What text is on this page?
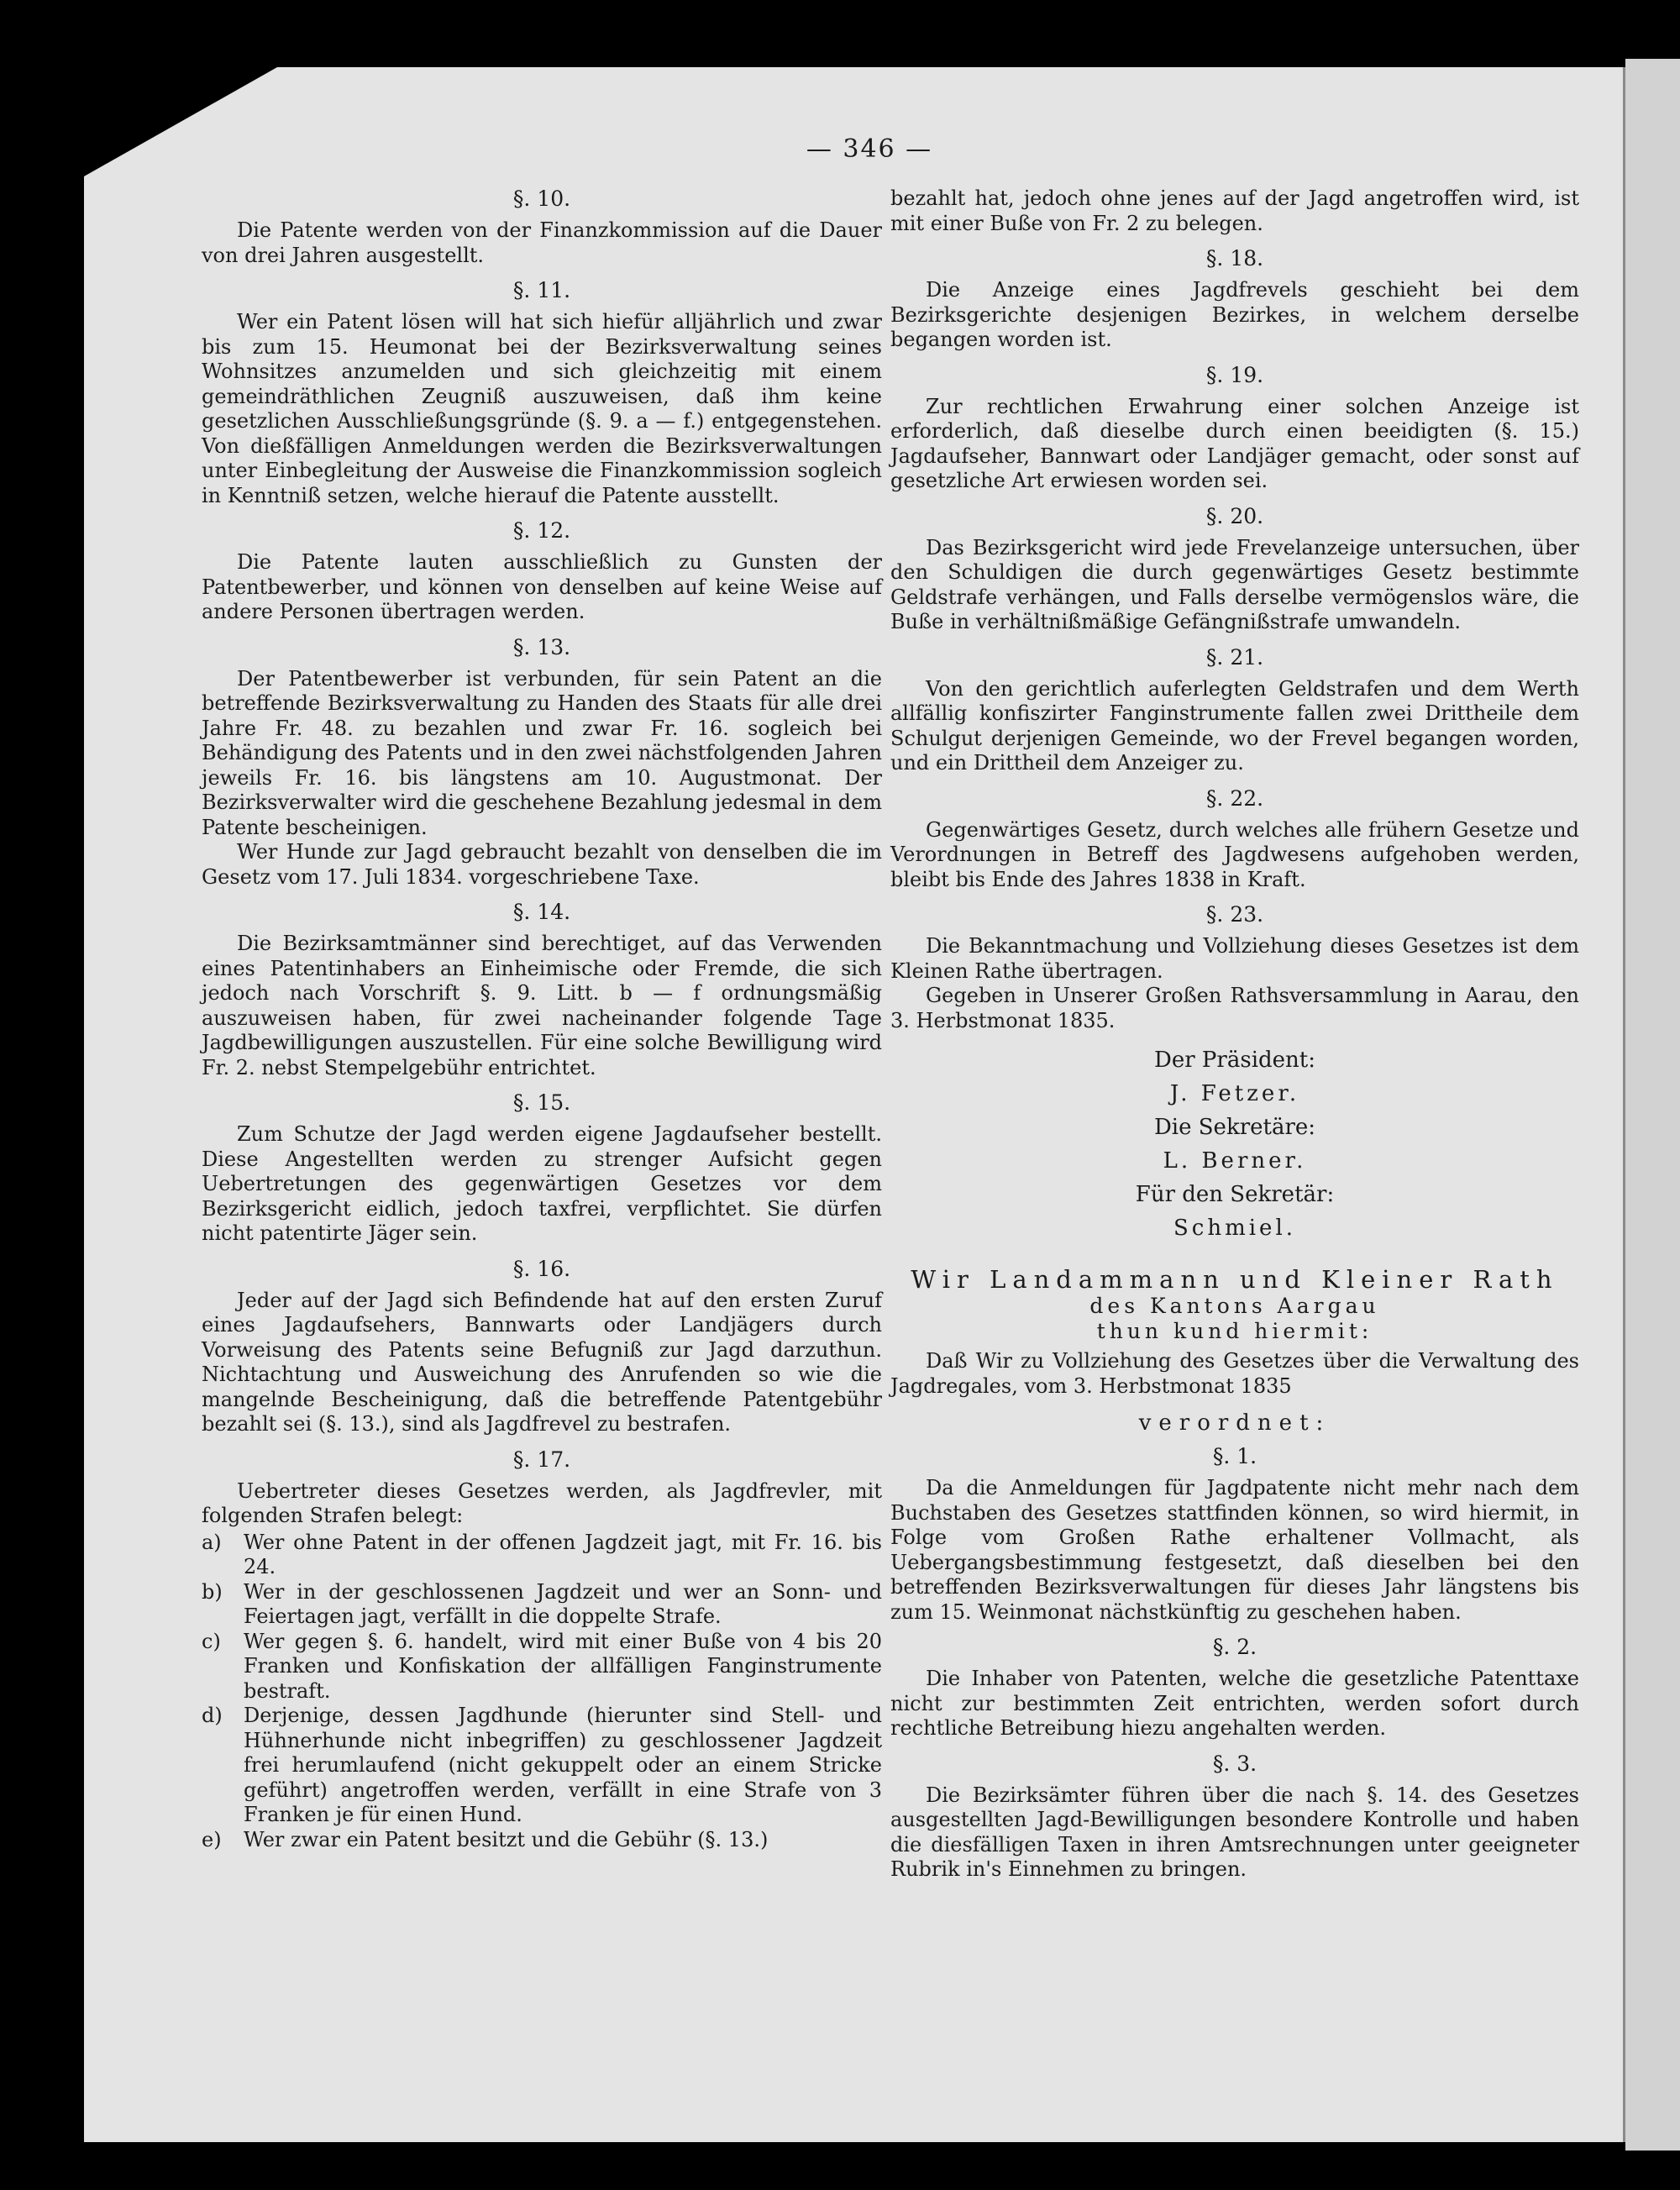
— 346 —
§. 10.

Die Patente werden von der Finanzkommission auf die Dauer von drei Jahren ausgestellt.

§. 11.

Wer ein Patent lösen will hat sich hiefür alljährlich und zwar bis zum 15. Heumonat bei der Bezirksverwaltung seines Wohnsitzes anzumelden und sich gleichzeitig mit einem gemeindräthlichen Zeugniß auszuweisen, daß ihm keine gesetzlichen Ausschließungsgründe (§. 9. a — f.) entgegenstehen. Von dießfälligen Anmeldungen werden die Bezirksverwaltungen unter Einbegleitung der Ausweise die Finanzkommission sogleich in Kenntniß setzen, welche hierauf die Patente ausstellt.

§. 12.

Die Patente lauten ausschließlich zu Gunsten der Patentbewerber, und können von denselben auf keine Weise auf andere Personen übertragen werden.

§. 13.

Der Patentbewerber ist verbunden, für sein Patent an die betreffende Bezirksverwaltung zu Handen des Staats für alle drei Jahre Fr. 48. zu bezahlen und zwar Fr. 16. sogleich bei Behändigung des Patents und in den zwei nächstfolgenden Jahren jeweils Fr. 16. bis längstens am 10. Augustmonat. Der Bezirksverwalter wird die geschehene Bezahlung jedesmal in dem Patente bescheinigen.

Wer Hunde zur Jagd gebraucht bezahlt von denselben die im Gesetz vom 17. Juli 1834. vorgeschriebene Taxe.

§. 14.

Die Bezirksamtmänner sind berechtiget, auf das Verwenden eines Patentinhabers an Einheimische oder Fremde, die sich jedoch nach Vorschrift §. 9. Litt. b — f ordnungsmäßig auszuweisen haben, für zwei nacheinander folgende Tage Jagdbewilligungen auszustellen. Für eine solche Bewilligung wird Fr. 2. nebst Stempelgebühr entrichtet.

§. 15.

Zum Schutze der Jagd werden eigene Jagdaufseher bestellt. Diese Angestellten werden zu strenger Aufsicht gegen Uebertretungen des gegenwärtigen Gesetzes vor dem Bezirksgericht eidlich, jedoch taxfrei, verpflichtet. Sie dürfen nicht patentirte Jäger sein.

§. 16.

Jeder auf der Jagd sich Befindende hat auf den ersten Zuruf eines Jagdaufsehers, Bannwarts oder Landjägers durch Vorweisung des Patents seine Befugniß zur Jagd darzuthun. Nichtachtung und Ausweichung des Anrufenden so wie die mangelnde Bescheinigung, daß die betreffende Patentgebühr bezahlt sei (§. 13.), sind als Jagdfrevel zu bestrafen.

§. 17.

Uebertreter dieses Gesetzes werden, als Jagdfrevler, mit folgenden Strafen belegt:

a)	Wer ohne Patent in der offenen Jagdzeit jagt, mit Fr. 16. bis 24.
b)	Wer in der geschlossenen Jagdzeit und wer an Sonn- und Feiertagen jagt, verfällt in die doppelte Strafe.
c)	Wer gegen §. 6. handelt, wird mit einer Buße von 4 bis 20 Franken und Konfiskation der allfälligen Fanginstrumente bestraft.
d)	Derjenige, dessen Jagdhunde (hierunter sind Stell- und Hühnerhunde nicht inbegriffen) zu geschlossener Jagdzeit frei herumlaufend (nicht gekuppelt oder an einem Stricke geführt) angetroffen werden, verfällt in eine Strafe von 3 Franken je für einen Hund.
e)	Wer zwar ein Patent besitzt und die Gebühr (§. 13.)

bezahlt hat, jedoch ohne jenes auf der Jagd angetroffen wird, ist mit einer Buße von Fr. 2 zu belegen.

§. 18.

Die Anzeige eines Jagdfrevels geschieht bei dem Bezirksgerichte desjenigen Bezirkes, in welchem derselbe begangen worden ist.

§. 19.

Zur rechtlichen Erwahrung einer solchen Anzeige ist erforderlich, daß dieselbe durch einen beeidigten (§. 15.) Jagdaufseher, Bannwart oder Landjäger gemacht, oder sonst auf gesetzliche Art erwiesen worden sei.

§. 20.

Das Bezirksgericht wird jede Frevelanzeige untersuchen, über den Schuldigen die durch gegenwärtiges Gesetz bestimmte Geldstrafe verhängen, und Falls derselbe vermögenslos wäre, die Buße in verhältnißmäßige Gefängnißstrafe umwandeln.

§. 21.

Von den gerichtlich auferlegten Geldstrafen und dem Werth allfällig konfiszirter Fanginstrumente fallen zwei Drittheile dem Schulgut derjenigen Gemeinde, wo der Frevel begangen worden, und ein Drittheil dem Anzeiger zu.

§. 22.

Gegenwärtiges Gesetz, durch welches alle frühern Gesetze und Verordnungen in Betreff des Jagdwesens aufgehoben werden, bleibt bis Ende des Jahres 1838 in Kraft.

§. 23.

Die Bekanntmachung und Vollziehung dieses Gesetzes ist dem Kleinen Rathe übertragen.

Gegeben in Unserer Großen Rathsversammlung in Aarau, den 3. Herbstmonat 1835.

Der Präsident:
J. Fetzer.
Die Sekretäre:
L. Berner.
Für den Sekretär:
Schmiel.
Wir Landammann und Kleiner Rath
des Kantons Aargau
thun kund hiermit:

Daß Wir zu Vollziehung des Gesetzes über die Verwaltung des Jagdregales, vom 3. Herbstmonat 1835

verordnet:
§. 1.

Da die Anmeldungen für Jagdpatente nicht mehr nach dem Buchstaben des Gesetzes stattfinden können, so wird hiermit, in Folge vom Großen Rathe erhaltener Vollmacht, als Uebergangsbestimmung festgesetzt, daß dieselben bei den betreffenden Bezirksverwaltungen für dieses Jahr längstens bis zum 15. Weinmonat nächstkünftig zu geschehen haben.

§. 2.

Die Inhaber von Patenten, welche die gesetzliche Patenttaxe nicht zur bestimmten Zeit entrichten, werden sofort durch rechtliche Betreibung hiezu angehalten werden.

§. 3.

Die Bezirksämter führen über die nach §. 14. des Gesetzes ausgestellten Jagd-Bewilligungen besondere Kontrolle und haben die diesfälligen Taxen in ihren Amtsrechnungen unter geeigneter Rubrik in's Einnehmen zu bringen.
